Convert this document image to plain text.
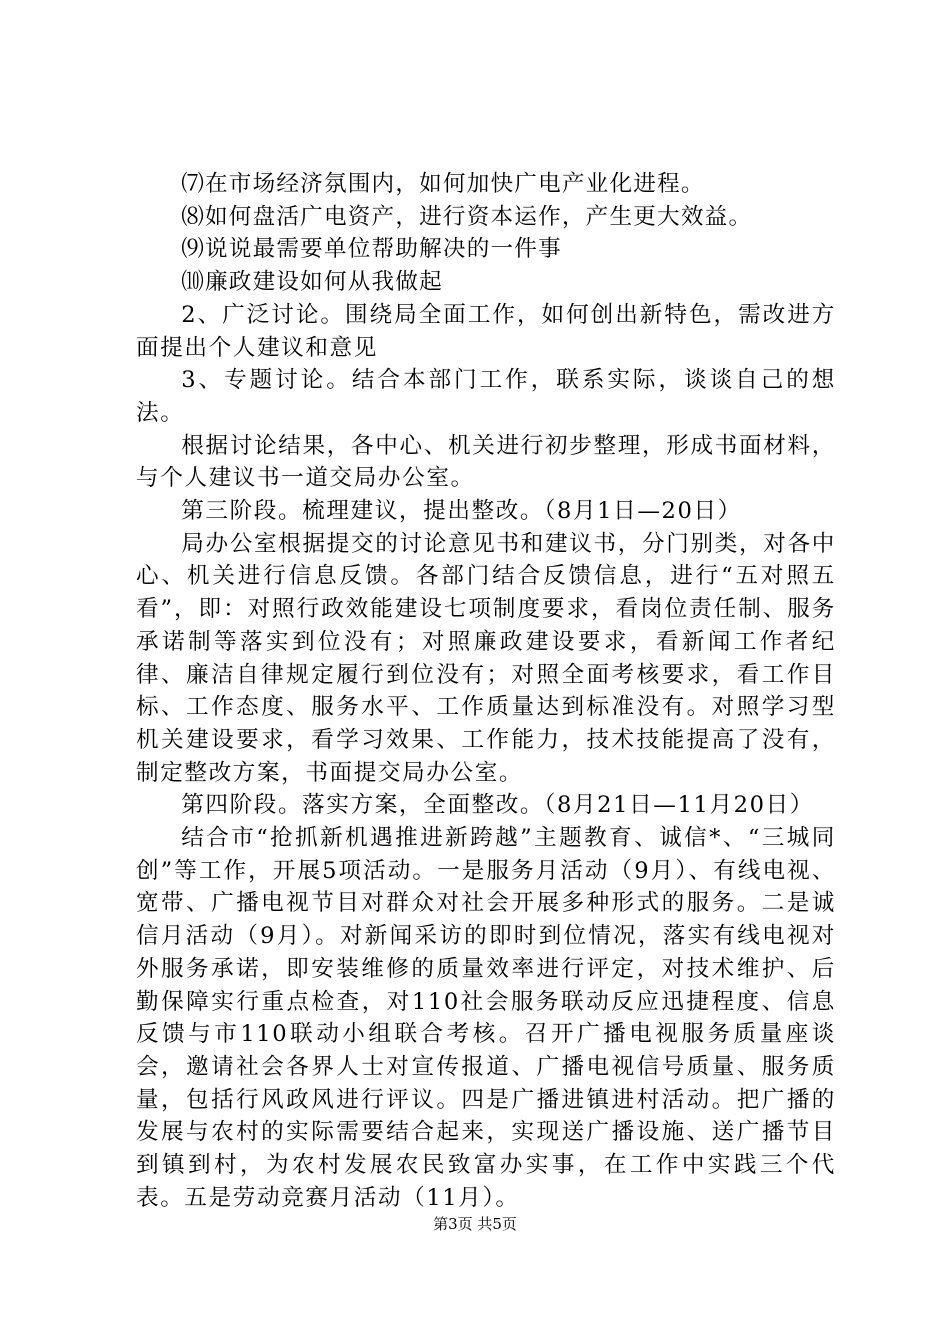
⑺在市场经济氛围内，如何加快广电产业化进程。

⑻如何盘活广电资产，进行资本运作，产生更大效益。

⑼说说最需要单位帮助解决的一件事

⑽廉政建设如何从我做起

2、广泛讨论。围绕局全面工作，如何创出新特色，需改进方面提出个人建议和意见

3、专题讨论。结合本部门工作，联系实际，谈谈自己的想法。

根据讨论结果，各中心、机关进行初步整理，形成书面材料，与个人建议书一道交局办公室。

第三阶段。梳理建议，提出整改。（8月1日—20日）

局办公室根据提交的讨论意见书和建议书，分门别类，对各中心、机关进行信息反馈。各部门结合反馈信息，进行“五对照五看”，即：对照行政效能建设七项制度要求，看岗位责任制、服务承诺制等落实到位没有；对照廉政建设要求，看新闻工作者纪律、廉洁自律规定履行到位没有；对照全面考核要求，看工作目标、工作态度、服务水平、工作质量达到标准没有。对照学习型机关建设要求，看学习效果、工作能力，技术技能提高了没有，制定整改方案，书面提交局办公室。

第四阶段。落实方案，全面整改。（8月21日—11月20日）

结合市“抢抓新机遇推进新跨越”主题教育、诚信*、“三城同创”等工作，开展5项活动。一是服务月活动（9月）、有线电视、宽带、广播电视节目对群众对社会开展多种形式的服务。二是诚信月活动（9月）。对新闻采访的即时到位情况，落实有线电视对外服务承诺，即安装维修的质量效率进行评定，对技术维护、后勤保障实行重点检查，对110社会服务联动反应迅捷程度、信息反馈与市110联动小组联合考核。召开广播电视服务质量座谈会，邀请社会各界人士对宣传报道、广播电视信号质量、服务质量，包括行风政风进行评议。四是广播进镇进村活动。把广播的发展与农村的实际需要结合起来，实现送广播设施、送广播节目到镇到村，为农村发展农民致富办实事，在工作中实践三个代表。五是劳动竞赛月活动（11月）。

第3页 共5页
